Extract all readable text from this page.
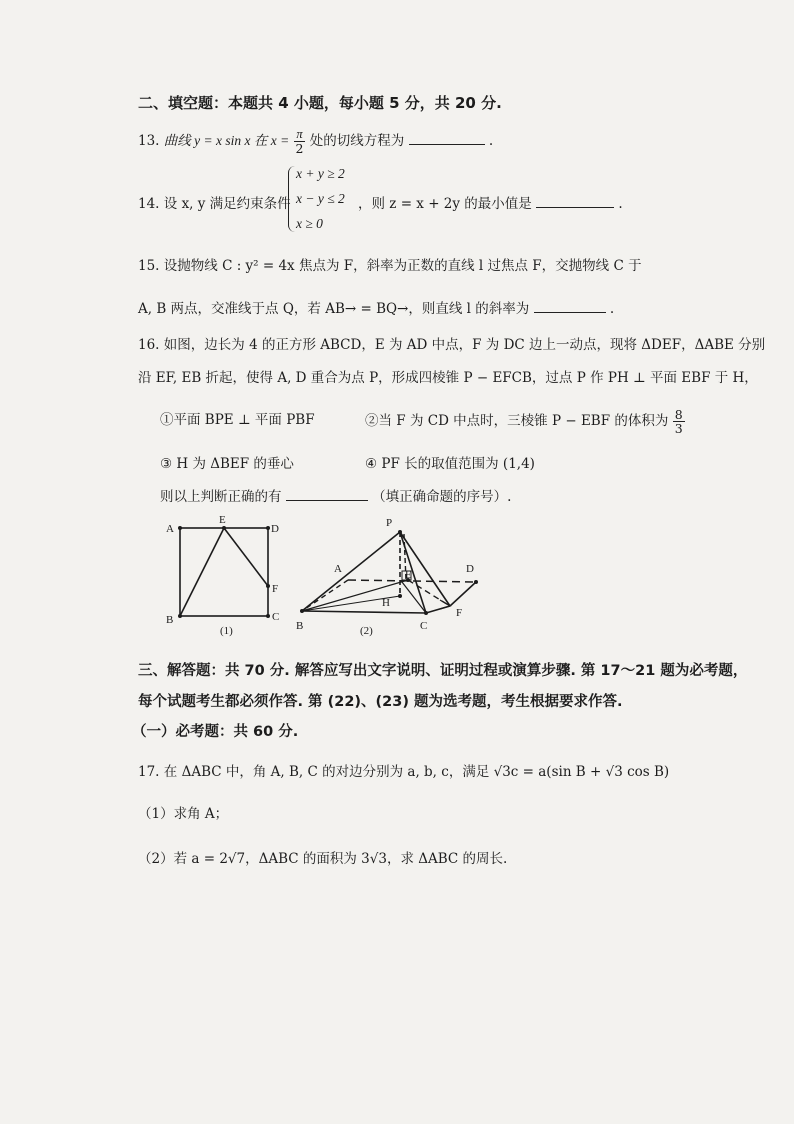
二、填空题：本题共 4 小题，每小题 5 分，共 20 分.
13. 曲线 y = x sin x 在 $x = \frac{\pi}{2}$ 处的切线方程为	.
14. 设 x, y 满足约束条件
x + y ≥ 2
x − y ≤ 2
x ≥ 0
，则 z = x + 2y 的最小值是	.
15. 设抛物线 C : y² = 4x 焦点为 F，斜率为正数的直线 l 过焦点 F，交抛物线 C 于
A, B 两点，交准线于点 Q，若 AB→ = BQ→，则直线 l 的斜率为	.
16. 如图，边长为 4 的正方形 ABCD，E 为 AD 中点，F 为 DC 边上一动点，现将 ΔDEF，ΔABE 分别
沿 EF, EB 折起，使得 A, D 重合为点 P，形成四棱锥 P − EFCB，过点 P 作 PH ⊥ 平面 EBF 于 H，
①平面 BPE ⊥ 平面 PBF	②当 F 为 CD 中点时，三棱锥 P − EBF 的体积为 $\frac{8}{3}$
③ H 为 ΔBEF 的垂心	④ PF 长的取值范围为 (1,4)
则以上判断正确的有	（填正确命题的序号）.
A
E
D
F
B	C
(1)
P
A	E	D
H
B	C
F
(2)
三、解答题：共 70 分. 解答应写出文字说明、证明过程或演算步骤. 第 17～21 题为必考题，
每个试题考生都必须作答. 第 (22)、(23) 题为选考题，考生根据要求作答.
（一）必考题：共 60 分.
17. 在 ΔABC 中，角 A, B, C 的对边分别为 a, b, c，满足 √3c = a(sin B + √3 cos B)
（1）求角 A；
（2）若 a = 2√7，ΔABC 的面积为 3√3，求 ΔABC 的周长.
